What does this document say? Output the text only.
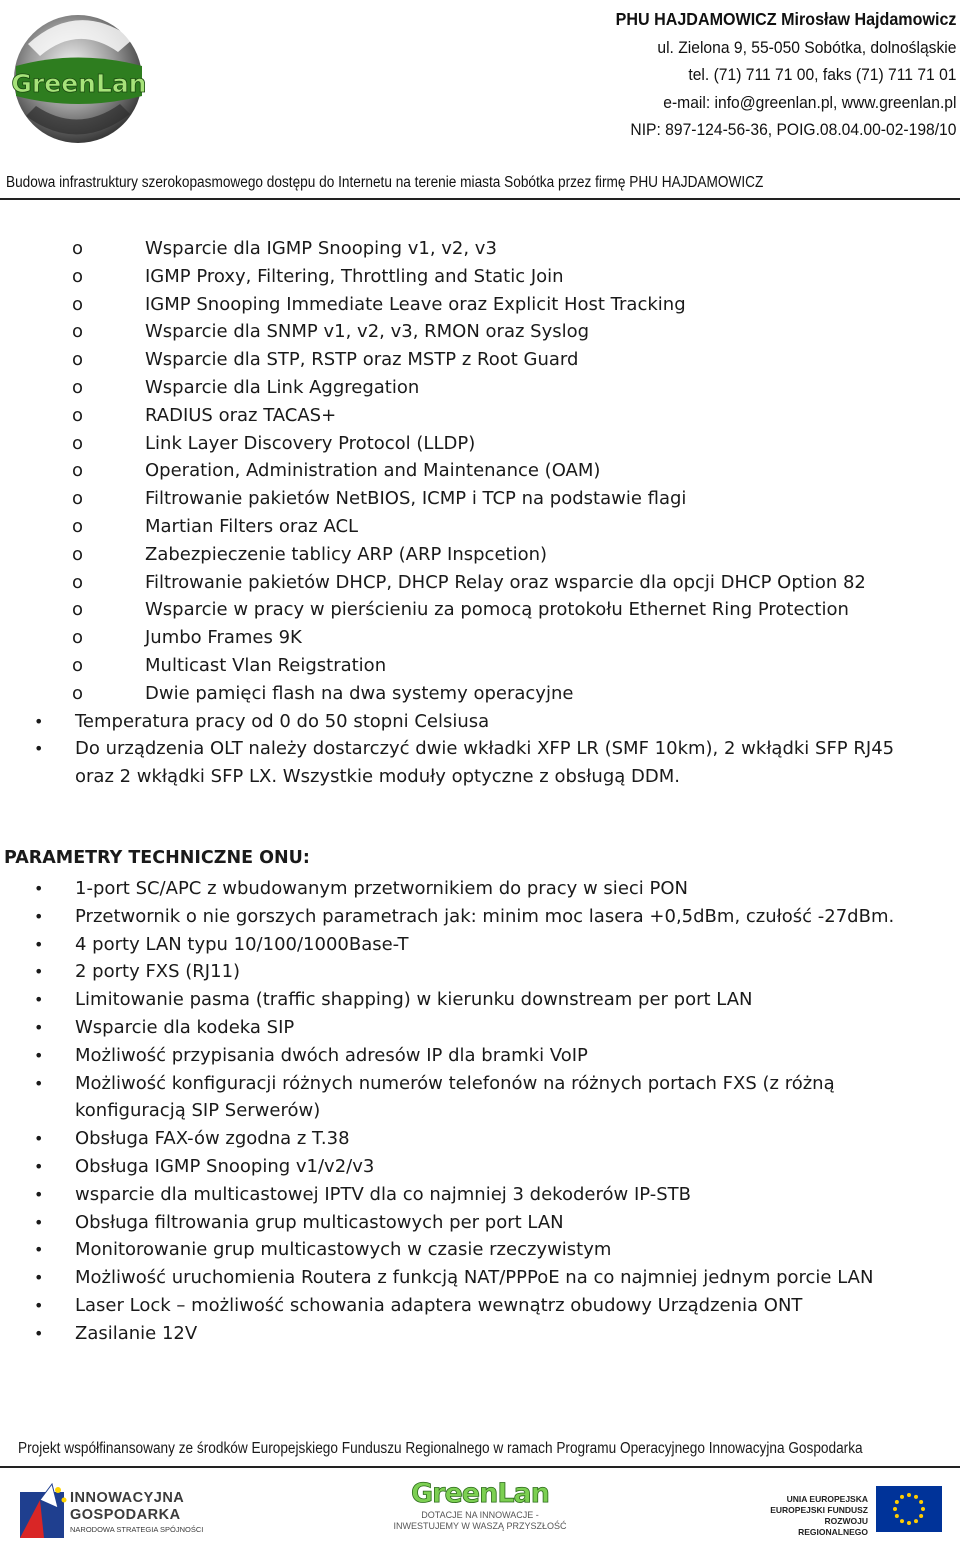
GreenLan
PHU HAJDAMOWICZ Mirosław Hajdamowicz
ul. Zielona 9, 55-050 Sobótka, dolnośląskie
tel. (71) 711 71 00, faks (71) 711 71 01
e-mail: info@greenlan.pl, www.greenlan.pl
NIP: 897-124-56-36, POIG.08.04.00-02-198/10
Budowa infrastruktury szerokopasmowego dostępu do Internetu na terenie miasta Sobótka przez firmę PHU HAJDAMOWICZ
o	Wsparcie dla IGMP Snooping v1, v2, v3
o	IGMP Proxy, Filtering, Throttling and Static Join
o	IGMP Snooping Immediate Leave oraz Explicit Host Tracking
o	Wsparcie dla SNMP v1, v2, v3, RMON oraz Syslog
o	Wsparcie dla STP, RSTP oraz MSTP z Root Guard
o	Wsparcie dla Link Aggregation
o	RADIUS oraz TACAS+
o	Link Layer Discovery Protocol (LLDP)
o	Operation, Administration and Maintenance (OAM)
o	Filtrowanie pakietów NetBIOS, ICMP i TCP na podstawie flagi
o	Martian Filters oraz ACL
o	Zabezpieczenie tablicy ARP (ARP Inspcetion)
o	Filtrowanie pakietów DHCP, DHCP Relay oraz wsparcie dla opcji DHCP Option 82
o	Wsparcie w pracy w pierścieniu za pomocą protokołu Ethernet Ring Protection
o	Jumbo Frames 9K
o	Multicast Vlan Reigstration
o	Dwie pamięci flash na dwa systemy operacyjne
• Temperatura pracy od 0 do 50 stopni Celsiusa
• Do urządzenia OLT należy dostarczyć dwie wkładki XFP LR (SMF 10km), 2 wkłądki SFP RJ45 oraz 2 wkłądki SFP LX. Wszystkie moduły optyczne z obsługą DDM.
PARAMETRY TECHNICZNE ONU:
• 1-port SC/APC z wbudowanym przetwornikiem do pracy w sieci PON
• Przetwornik o nie gorszych parametrach jak: minim moc lasera +0,5dBm, czułość -27dBm.
• 4 porty LAN typu 10/100/1000Base-T
• 2 porty FXS (RJ11)
• Limitowanie pasma (traffic shapping) w kierunku downstream per port LAN
• Wsparcie dla kodeka SIP
• Możliwość przypisania dwóch adresów IP dla bramki VoIP
• Możliwość konfiguracji różnych numerów telefonów na różnych portach FXS (z różną konfiguracją SIP Serwerów)
• Obsługa FAX-ów zgodna z T.38
• Obsługa IGMP Snooping v1/v2/v3
• wsparcie dla multicastowej IPTV dla co najmniej 3 dekoderów IP-STB
• Obsługa filtrowania grup multicastowych per port LAN
• Monitorowanie grup multicastowych w czasie rzeczywistym
• Możliwość uruchomienia Routera z funkcją NAT/PPPoE na co najmniej jednym porcie LAN
• Laser Lock – możliwość schowania adaptera wewnątrz obudowy Urządzenia ONT
• Zasilanie 12V
Projekt współfinansowany ze środków Europejskiego Funduszu Regionalnego w ramach Programu Operacyjnego Innowacyjna Gospodarka
INNOWACYJNA
GOSPODARKA
NARODOWA STRATEGIA SPÓJNOŚCI
GreenLan
DOTACJE NA INNOWACJE -
INWESTUJEMY W WASZĄ PRZYSZŁOŚĆ
UNIA EUROPEJSKA
EUROPEJSKI FUNDUSZ
ROZWOJU REGIONALNEGO
